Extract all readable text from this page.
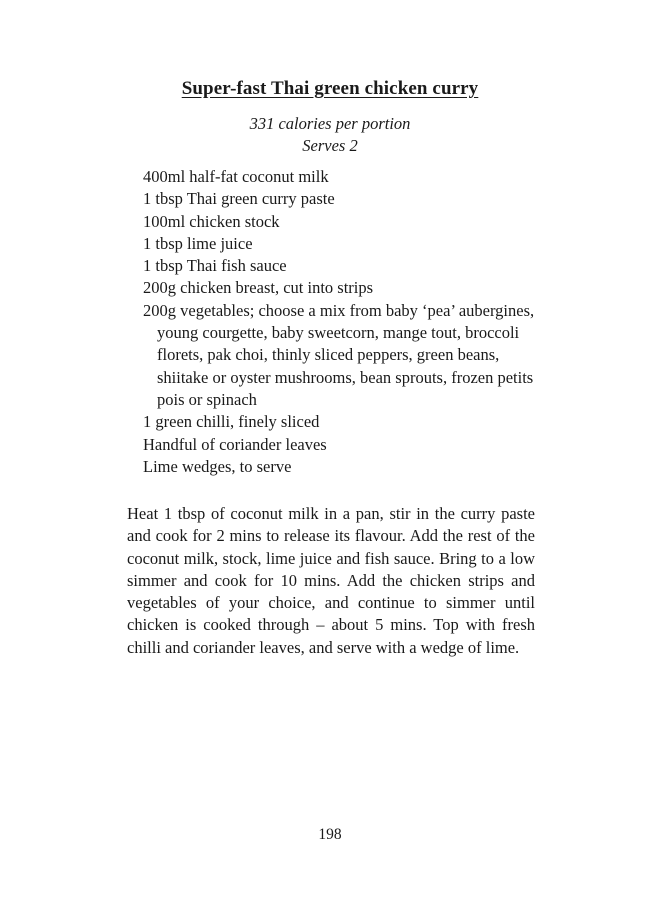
Super-fast Thai green chicken curry
331 calories per portion
Serves 2
400ml half-fat coconut milk
1 tbsp Thai green curry paste
100ml chicken stock
1 tbsp lime juice
1 tbsp Thai fish sauce
200g chicken breast, cut into strips
200g vegetables; choose a mix from baby ‘pea’ aubergines, young courgette, baby sweetcorn, mange tout, broccoli florets, pak choi, thinly sliced peppers, green beans, shiitake or oyster mushrooms, bean sprouts, frozen petits pois or spinach
1 green chilli, finely sliced
Handful of coriander leaves
Lime wedges, to serve

Heat 1 tbsp of coconut milk in a pan, stir in the curry paste and cook for 2 mins to release its flavour. Add the rest of the coconut milk, stock, lime juice and fish sauce. Bring to a low simmer and cook for 10 mins. Add the chicken strips and vegetables of your choice, and continue to simmer until chicken is cooked through – about 5 mins. Top with fresh chilli and coriander leaves, and serve with a wedge of lime.

198
